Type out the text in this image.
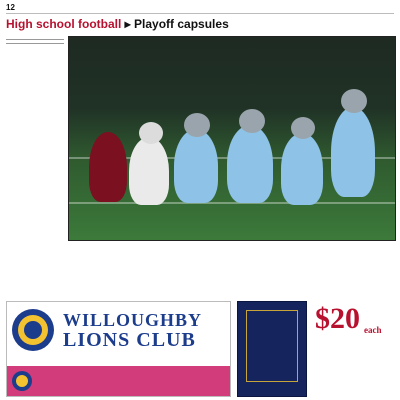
12
High school football ▸ Playoff capsules
WILLOUGHBY
LIONS CLUB
$20 each
